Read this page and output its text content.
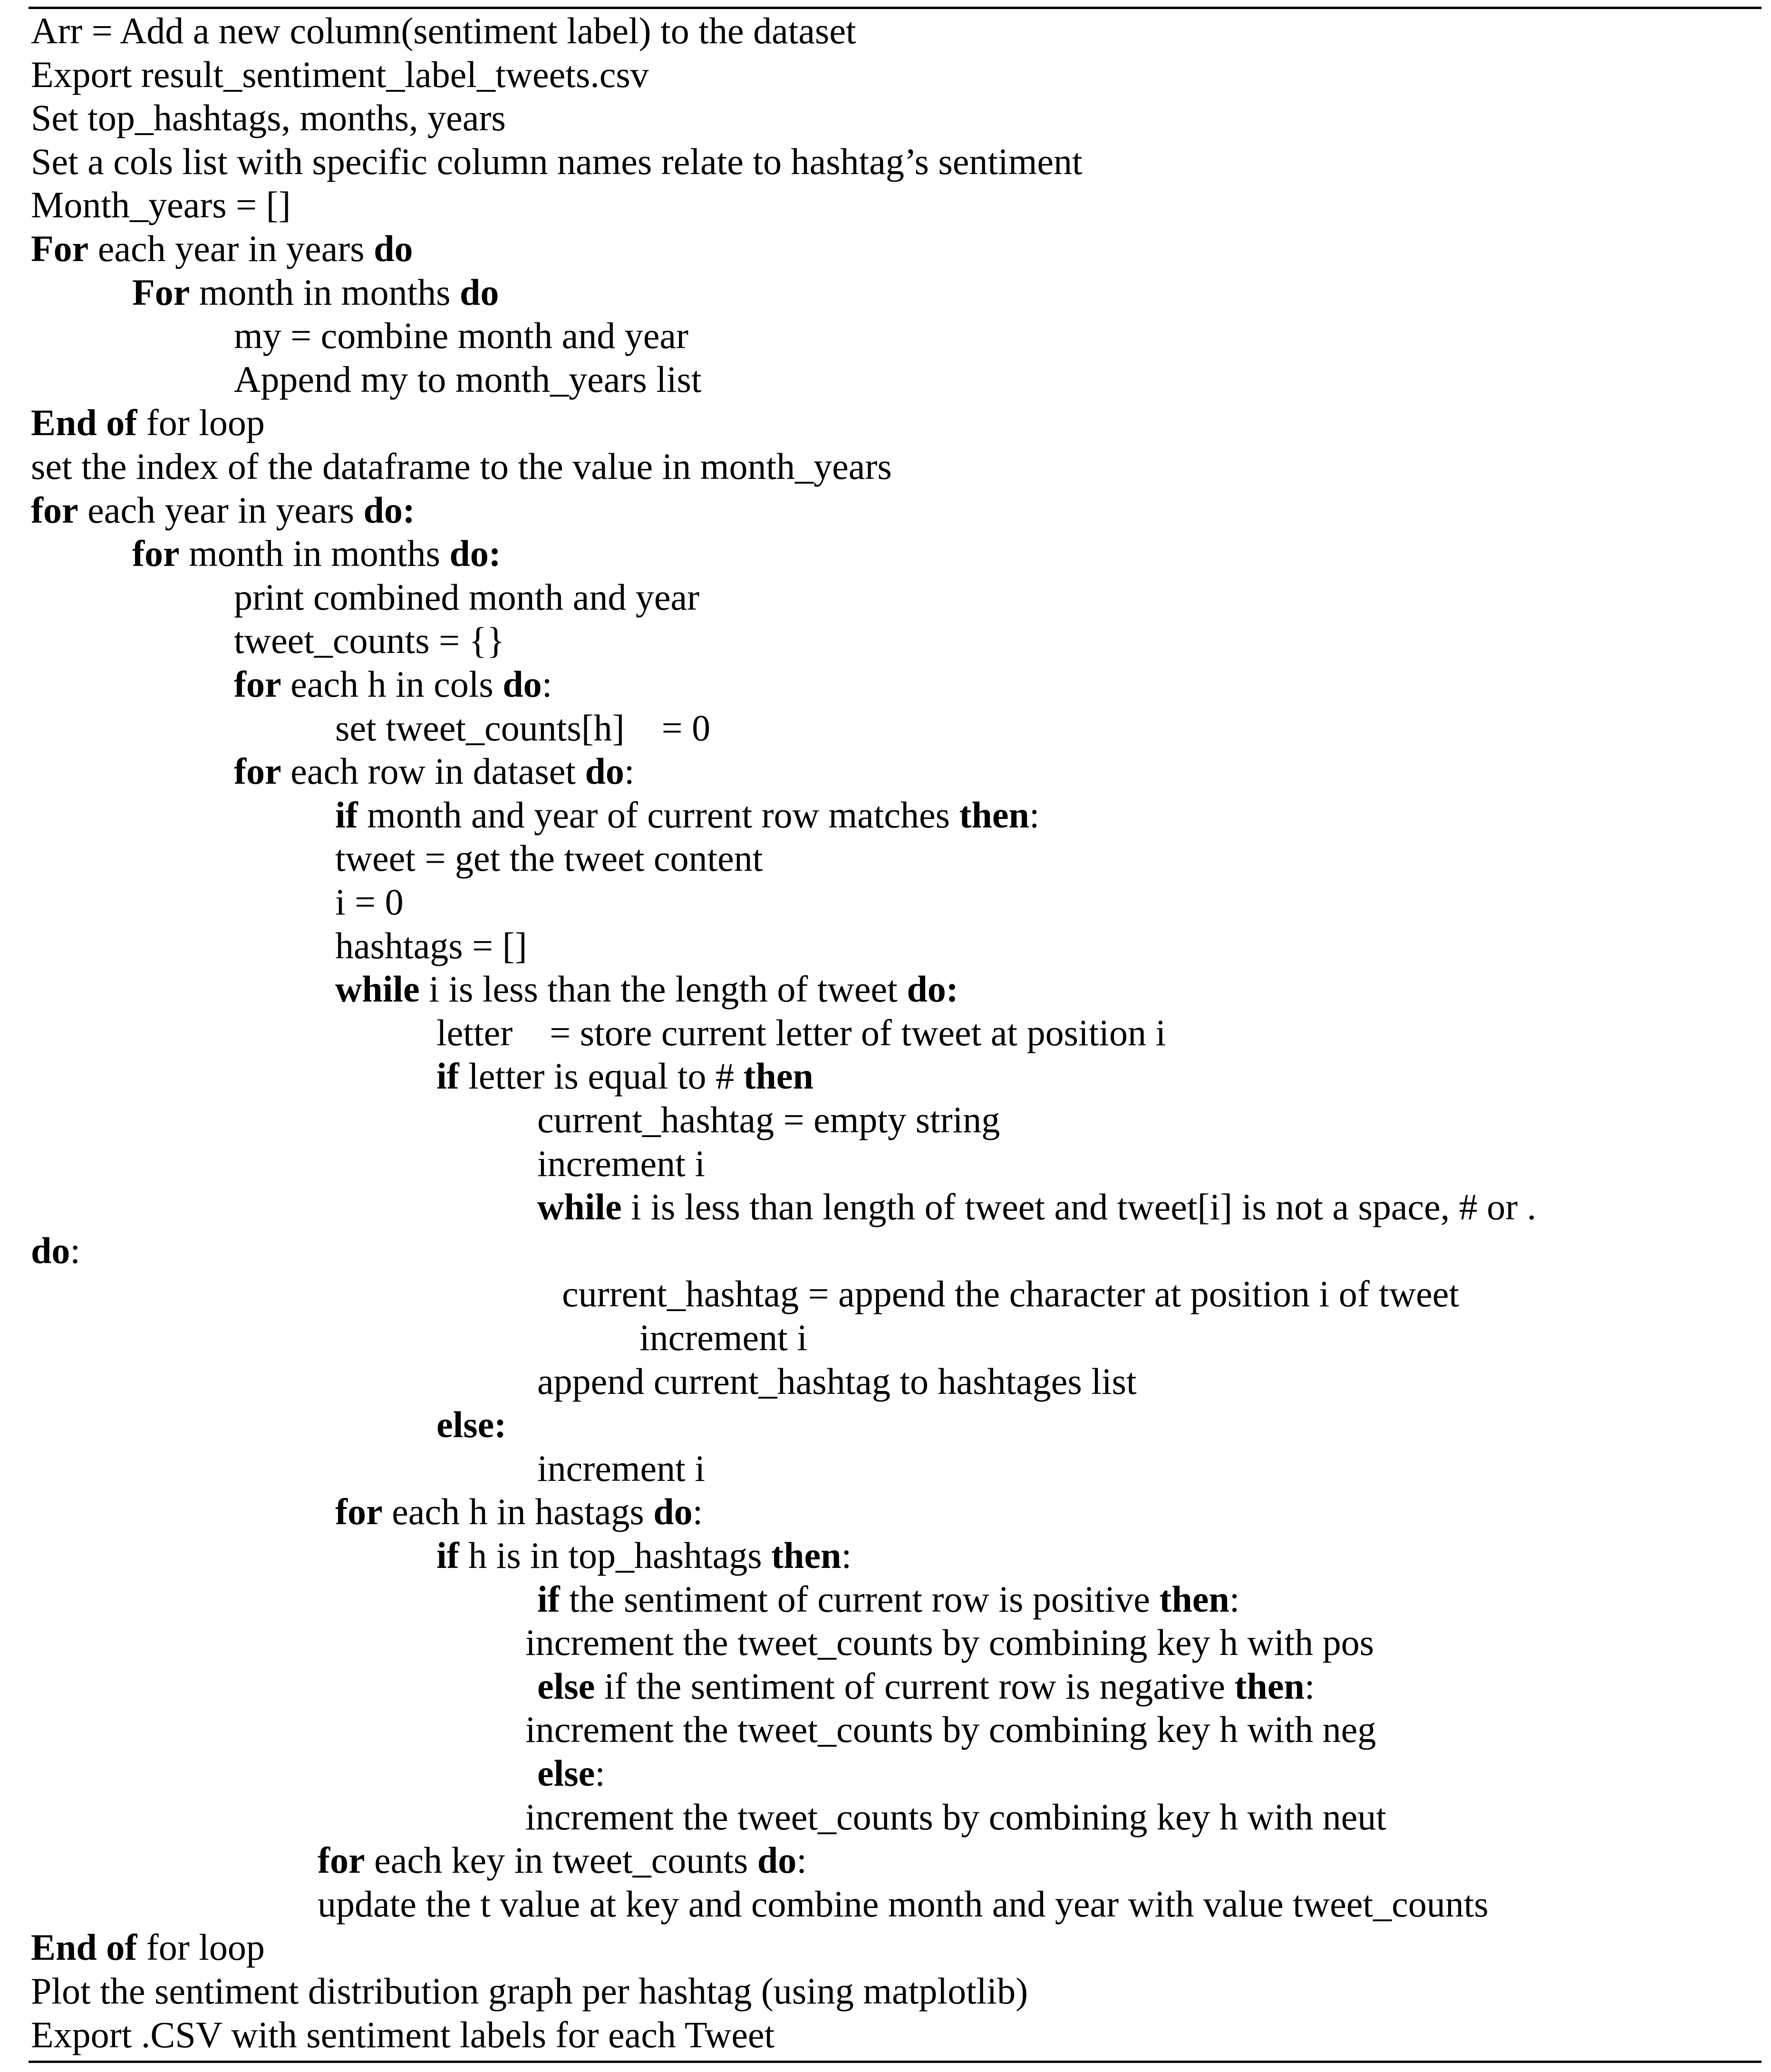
Arr = Add a new column(sentiment label) to the dataset
Export result_sentiment_label_tweets.csv
Set top_hashtags, months, years
Set a cols list with specific column names relate to hashtag’s sentiment
Month_years = []
For each year in years do
For month in months do
my = combine month and year
Append my to month_years list
End of for loop
set the index of the dataframe to the value in month_years
for each year in years do:
for month in months do:
print combined month and year
tweet_counts = {}
for each h in cols do:
set tweet_counts[h]    = 0
for each row in dataset do:
if month and year of current row matches then:
tweet = get the tweet content
i = 0
hashtags = []
while i is less than the length of tweet do:
letter    = store current letter of tweet at position i
if letter is equal to # then
current_hashtag = empty string
increment i
while i is less than length of tweet and tweet[i] is not a space, # or .
do:
current_hashtag = append the character at position i of tweet
increment i
append current_hashtag to hashtages list
else:
increment i
for each h in hastags do:
if h is in top_hashtags then:
if the sentiment of current row is positive then:
increment the tweet_counts by combining key h with pos
else if the sentiment of current row is negative then:
increment the tweet_counts by combining key h with neg
else:
increment the tweet_counts by combining key h with neut
for each key in tweet_counts do:
update the t value at key and combine month and year with value tweet_counts
End of for loop
Plot the sentiment distribution graph per hashtag (using matplotlib)
Export .CSV with sentiment labels for each Tweet
